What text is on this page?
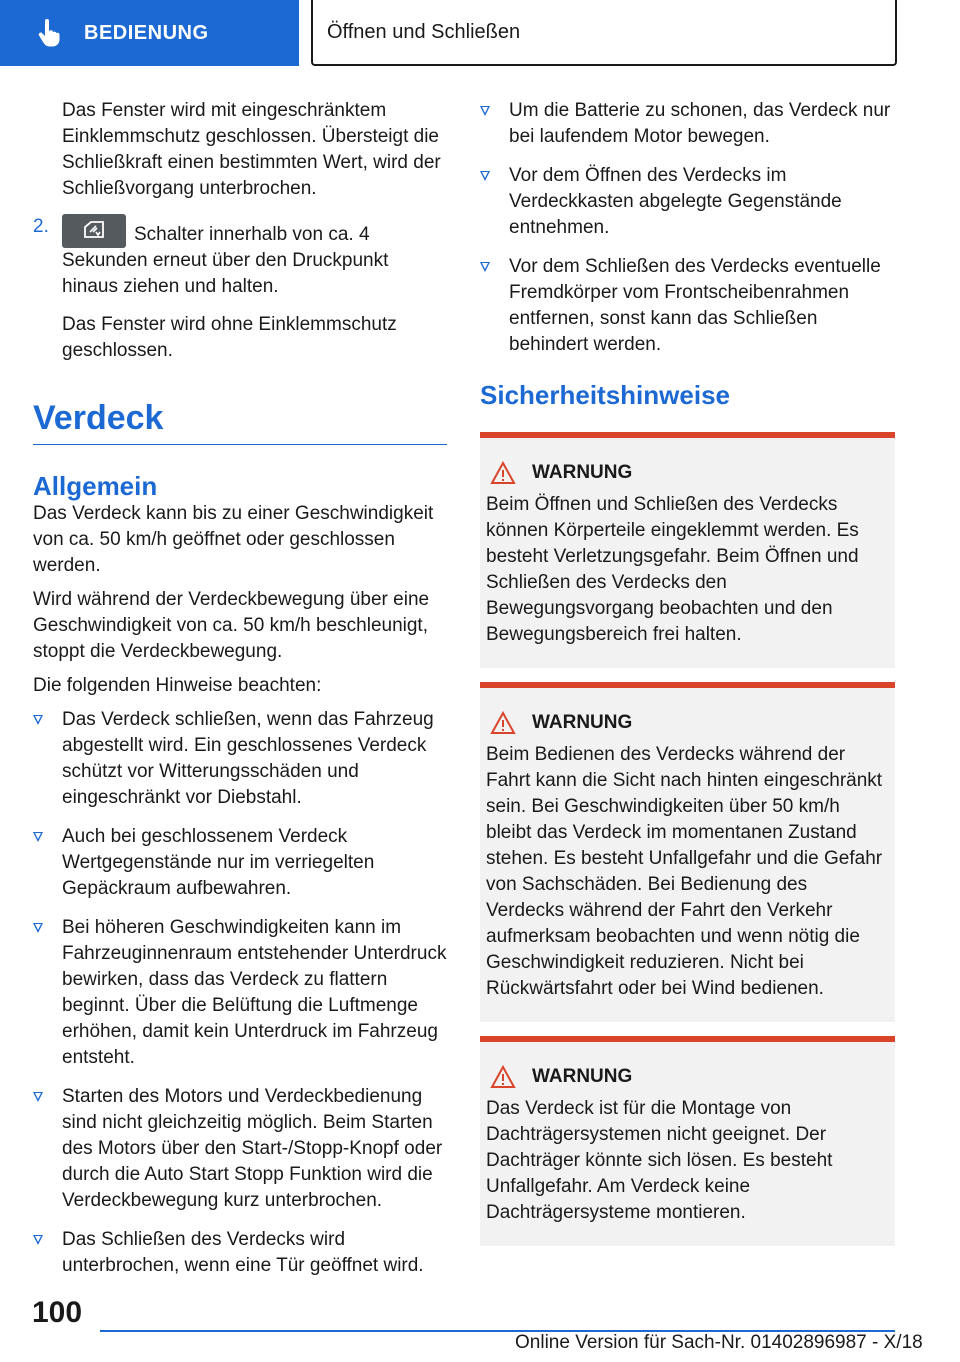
BEDIENUNG	Öffnen und Schließen

Das Fenster wird mit eingeschränktem Einklemmschutz geschlossen. Übersteigt die Schließkraft einen bestimmten Wert, wird der Schließvorgang unterbrochen.

2.	Schalter innerhalb von ca. 4 Sekunden erneut über den Druckpunkt hinaus ziehen und halten.

Das Fenster wird ohne Einklemmschutz geschlossen.

Verdeck
Allgemein

Das Verdeck kann bis zu einer Geschwindigkeit von ca. 50 km/h geöffnet oder geschlossen werden.

Wird während der Verdeckbewegung über eine Geschwindigkeit von ca. 50 km/h beschleunigt, stoppt die Verdeckbewegung.

Die folgenden Hinweise beachten:

Das Verdeck schließen, wenn das Fahrzeug abgestellt wird. Ein geschlossenes Verdeck schützt vor Witterungsschäden und eingeschränkt vor Diebstahl.
Auch bei geschlossenem Verdeck Wertgegenstände nur im verriegelten Gepäckraum aufbewahren.
Bei höheren Geschwindigkeiten kann im Fahrzeuginnenraum entstehender Unterdruck bewirken, dass das Verdeck zu flattern beginnt. Über die Belüftung die Luftmenge erhöhen, damit kein Unterdruck im Fahrzeug entsteht.
Starten des Motors und Verdeckbedienung sind nicht gleichzeitig möglich. Beim Starten des Motors über den Start-/Stopp-Knopf oder durch die Auto Start Stopp Funktion wird die Verdeckbewegung kurz unterbrochen.
Das Schließen des Verdecks wird unterbrochen, wenn eine Tür geöffnet wird.
Um die Batterie zu schonen, das Verdeck nur bei laufendem Motor bewegen.
Vor dem Öffnen des Verdecks im Verdeckkasten abgelegte Gegenstände entnehmen.
Vor dem Schließen des Verdecks eventuelle Fremdkörper vom Frontscheibenrahmen entfernen, sonst kann das Schließen behindert werden.
Sicherheitshinweise
WARNUNG

Beim Öffnen und Schließen des Verdecks können Körperteile eingeklemmt werden. Es besteht Verletzungsgefahr. Beim Öffnen und Schließen des Verdecks den Bewegungsvorgang beobachten und den Bewegungsbereich frei halten.

WARNUNG

Beim Bedienen des Verdecks während der Fahrt kann die Sicht nach hinten eingeschränkt sein. Bei Geschwindigkeiten über 50 km/h bleibt das Verdeck im momentanen Zustand stehen. Es besteht Unfallgefahr und die Gefahr von Sachschäden. Bei Bedienung des Verdecks während der Fahrt den Verkehr aufmerksam beobachten und wenn nötig die Geschwindigkeit reduzieren. Nicht bei Rückwärtsfahrt oder bei Wind bedienen.

WARNUNG

Das Verdeck ist für die Montage von Dachträgersystemen nicht geeignet. Der Dachträger könnte sich lösen. Es besteht Unfallgefahr. Am Verdeck keine Dachträgersysteme montieren.

100
Online Version für Sach-Nr. 01402896987 - X/18
